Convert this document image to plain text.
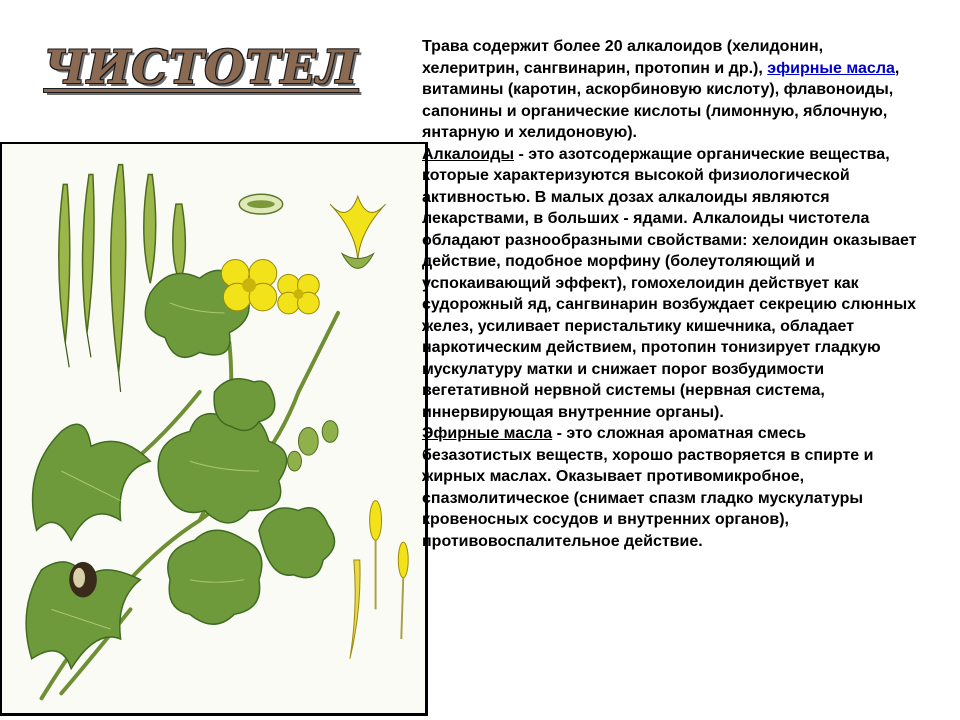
ЧИСТОТЕЛ	Трава содержит более 20 алкалоидов (хелидонин, хелеритрин, сангвинарин, протопин и др.), эфирные масла, витамины (каротин, аскорбиновую кислоту), флавоноиды, сапонины и органические кислоты (лимонную, яблочную, янтарную и хелидоновую).

Алкалоиды - это азотсодержащие органические вещества, которые характеризуются высокой физиологической активностью. В малых дозах алкалоиды являются лекарствами, в больших - ядами. Алкалоиды чистотела обладают разнообразными свойствами: хелоидин оказывает действие, подобное морфину (болеутоляющий и успокаивающий эффект), гомохелоидин действует как судорожный яд, сангвинарин возбуждает секрецию слюнных желез, усиливает перистальтику кишечника, обладает наркотическим действием, протопин тонизирует гладкую мускулатуру матки и снижает порог возбудимости вегетативной нервной системы (нервная система, иннервирующая внутренние органы).

Эфирные масла - это сложная ароматная смесь безазотистых веществ, хорошо растворяется в спирте и жирных маслах. Оказывает противомикробное, спазмолитическое (снимает спазм гладко мускулатуры кровеносных сосудов и внутренних органов), противовоспалительное действие.
